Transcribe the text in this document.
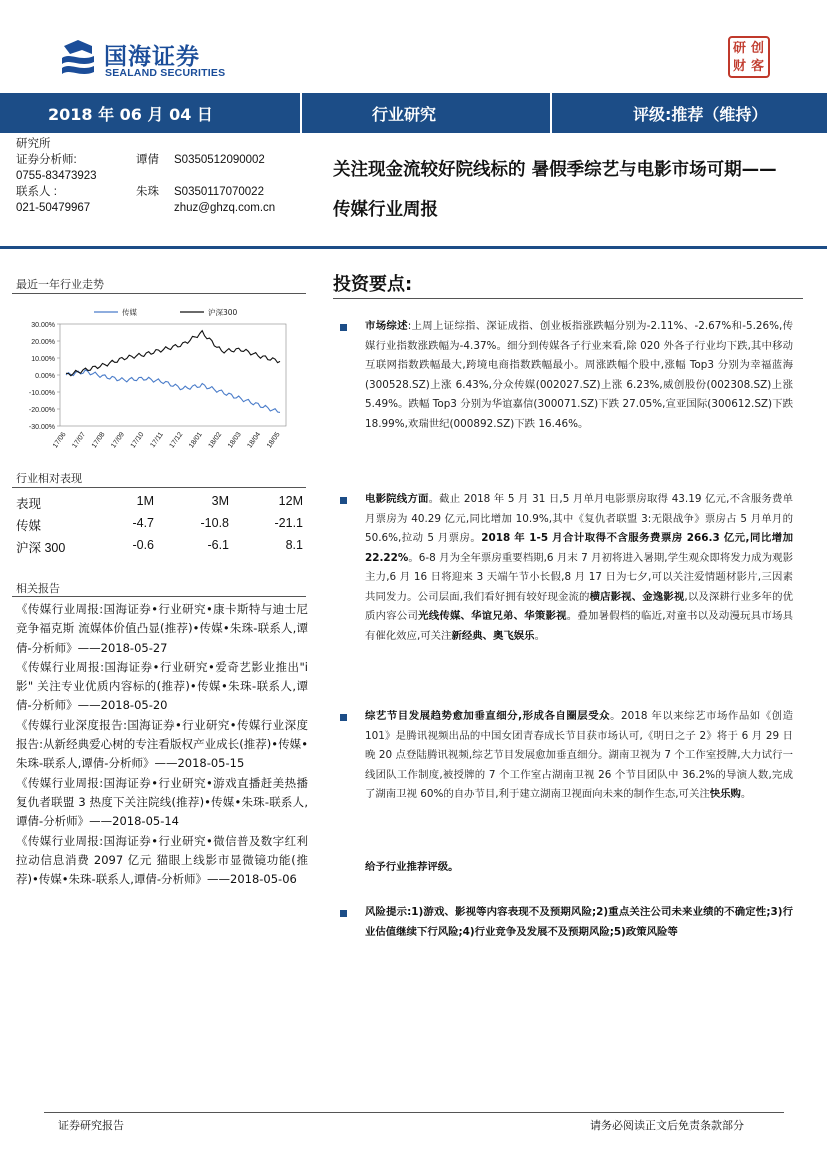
国海证券
SEALAND SECURITIES
研 创
财 客
2018 年 06 月 04 日	行业研究	评级:推荐（维持）
研究所
证券分析师:	谭倩 S0350512090002
0755-83473923
联系人 :	朱珠 S0350117070022
021-50479967	zhuz@ghzq.com.cn
关注现金流较好院线标的 暑假季综艺与电影市场可期——传媒行业周报
最近一年行业走势
30.00%
20.00%
10.00%
0.00%
-10.00%
-20.00%
-30.00%
17/06 17/07 17/08 17/09 17/10 17/11 17/12 18/01 18/02 18/03 18/04 18/05
传媒	沪深300
行业相对表现
表现	1M	3M	12M
传媒	-4.7	-10.8	-21.1
沪深 300	-0.6	-6.1	8.1
相关报告

《传媒行业周报:国海证券•行业研究•康卡斯特与迪士尼竞争福克斯 流媒体价值凸显(推荐)•传媒•朱珠-联系人,谭倩-分析师》——2018-05-27

《传媒行业周报:国海证券•行业研究•爱奇艺影业推出"i 影" 关注专业优质内容标的(推荐)•传媒•朱珠-联系人,谭倩-分析师》——2018-05-20

《传媒行业深度报告:国海证券•行业研究•传媒行业深度报告:从新经典爱心树的专注看版权产业成长(推荐)•传媒•朱珠-联系人,谭倩-分析师》——2018-05-15

《传媒行业周报:国海证券•行业研究•游戏直播赶美热播 复仇者联盟 3 热度下关注院线(推荐)•传媒•朱珠-联系人,谭倩-分析师》——2018-05-14

《传媒行业周报:国海证券•行业研究•微信普及数字红利拉动信息消费 2097 亿元 猫眼上线影市显微镜功能(推荐)•传媒•朱珠-联系人,谭倩-分析师》——2018-05-06

投资要点:
市场综述:上周上证综指、深证成指、创业板指涨跌幅分别为-2.11%、-2.67%和-5.26%,传媒行业指数涨跌幅为-4.37%。细分到传媒各子行业来看,除 020 外各子行业均下跌,其中移动互联网指数跌幅最大,跨境电商指数跌幅最小。周涨跌幅个股中,涨幅 Top3 分别为幸福蓝海(300528.SZ)上涨 6.43%,分众传媒(002027.SZ)上涨 6.23%,威创股份(002308.SZ)上涨 5.49%。跌幅 Top3 分别为华谊嘉信(300071.SZ)下跌 27.05%,宣亚国际(300612.SZ)下跌 18.99%,欢瑞世纪(000892.SZ)下跌 16.46%。
电影院线方面。截止 2018 年 5 月 31 日,5 月单月电影票房取得 43.19 亿元,不含服务费单月票房为 40.29 亿元,同比增加 10.9%,其中《复仇者联盟 3:无限战争》票房占 5 月单月的 50.6%,拉动 5 月票房。2018 年 1-5 月合计取得不含服务费票房 266.3 亿元,同比增加 22.22%。6-8 月为全年票房重要档期,6 月末 7 月初将进入暑期,学生观众即将发力成为观影主力,6 月 16 日将迎来 3 天端午节小长假,8 月 17 日为七夕,可以关注爱情题材影片,三因素共同发力。公司层面,我们看好拥有较好现金流的横店影视、金逸影视,以及深耕行业多年的优质内容公司光线传媒、华谊兄弟、华策影视。叠加暑假档的临近,对童书以及动漫玩具市场具有催化效应,可关注新经典、奥飞娱乐。
综艺节目发展趋势愈加垂直细分,形成各自圈层受众。2018 年以来综艺市场作品如《创造 101》是腾讯视频出品的中国女团青春成长节目获市场认可,《明日之子 2》将于 6 月 29 日晚 20 点登陆腾讯视频,综艺节目发展愈加垂直细分。湖南卫视为 7 个工作室授牌,大力试行一线团队工作制度,被授牌的 7 个工作室占湖南卫视 26 个节目团队中 36.2%的导演人数,完成了湖南卫视 60%的自办节目,利于建立湖南卫视面向未来的制作生态,可关注快乐购。
给予行业推荐评级。
风险提示:1)游戏、影视等内容表现不及预期风险;2)重点关注公司未来业绩的不确定性;3)行业估值继续下行风险;4)行业竞争及发展不及预期风险;5)政策风险等
证券研究报告	请务必阅读正文后免责条款部分
